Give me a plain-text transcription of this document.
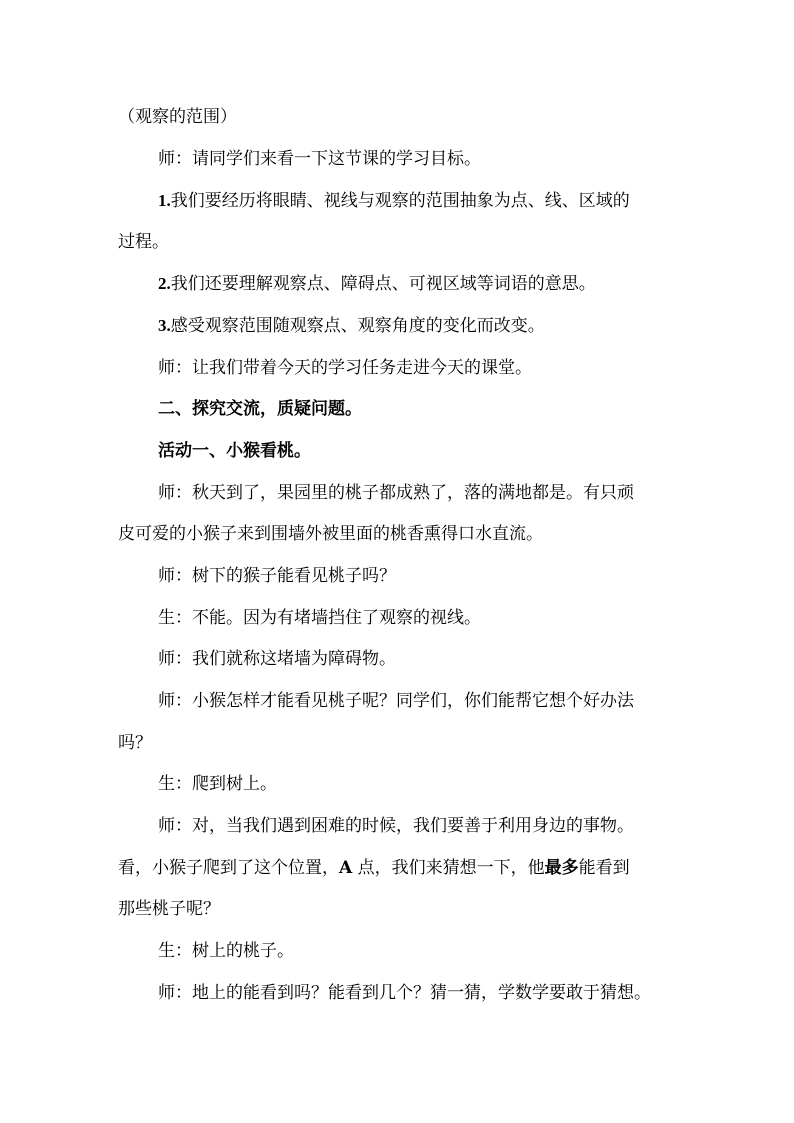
（观察的范围）
师：请同学们来看一下这节课的学习目标。
1.我们要经历将眼睛、视线与观察的范围抽象为点、线、区域的
过程。
2.我们还要理解观察点、障碍点、可视区域等词语的意思。
3.感受观察范围随观察点、观察角度的变化而改变。
师：让我们带着今天的学习任务走进今天的课堂。
二、探究交流，质疑问题。
活动一、小猴看桃。
师：秋天到了，果园里的桃子都成熟了，落的满地都是。有只顽
皮可爱的小猴子来到围墙外被里面的桃香熏得口水直流。
师：树下的猴子能看见桃子吗？
生：不能。因为有堵墙挡住了观察的视线。
师：我们就称这堵墙为障碍物。
师：小猴怎样才能看见桃子呢？同学们，你们能帮它想个好办法
吗？
生：爬到树上。
师：对，当我们遇到困难的时候，我们要善于利用身边的事物。
看，小猴子爬到了这个位置，A 点，我们来猜想一下，他最多能看到
那些桃子呢？
生：树上的桃子。
师：地上的能看到吗？能看到几个？猜一猜，学数学要敢于猜想。
